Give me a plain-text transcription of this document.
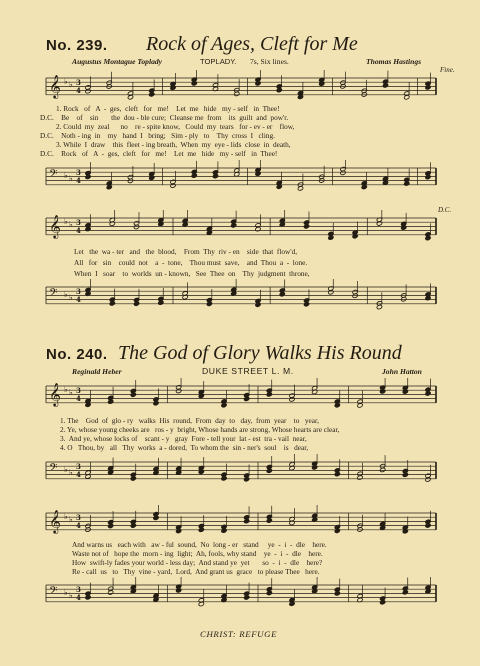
No. 239. Rock of Ages, Cleft for Me
Augustus Montague Toplady	TOPLADY. 7s, Six lines.	Thomas Hastings
Fine.
𝄞 ♭ ♭ 3
4
1. Rock   of   A  -  ges,  cleft   for   me!    Let  me   hide   my - self   in  Thee!
D.C.    Be    of    sin       the  dou - ble cure;  Cleanse me  from    its  guilt  and  pow'r.
2. Could  my  zeal      no    re - spite know,   Could  my  tears   for - ev - er    flow,
D.C.    Noth - ing  in    my   hand  I   bring;   Sim - ply   to    Thy  cross  I   cling.
3. While  I  draw    this  fleet - ing breath,  When  my  eye - lids  close  in  death,
D.C.    Rock   of   A  -  ges,  cleft   for   me!    Let  me   hide   my - self   in  Thee!
𝄢 ♭ ♭
3
4
D.C.
𝄞 ♭ ♭ 3
4
Let   the  wa - ter   and   the  blood,    From  Thy  riv - en    side  that  flow'd,
All   for   sin    could  not    a  -  tone,    Thou must  save,    and  Thou  a  -  lone.
When  I   soar    to  worlds  un - known,   See  Thee  on    Thy  judgment  throne,
𝄢 ♭ ♭
3
4
No. 240. The God of Glory Walks His Round
Reginald Heber	DUKE STREET L. M.	John Hatton
𝄞 ♭ ♭ 3
4
1. The    God  of  glo - ry   walks  His  round,  From  day  to   day,  from  year    to   year,
2. Ye, whose young cheeks are   ros - y  bright, Whose hands are strong, Whose hearts are clear,
3.  And ye, whose locks of    scant - y   gray  Fore - tell your  lat - est  tra - vail  near,
4. O   Thou, by   all   Thy  works  a - dored,  To whom the  sin - ner's  soul    is   dear,
𝄢 ♭ ♭
3
4
𝄞 ♭ ♭ 3
4
And warns us   each with   aw - ful  sound,  No  long - er   stand     ye  -  i  -  dle    here.
Waste not of   hope the  morn - ing  light;  Ah, fools, why stand    ye  -  i  -  dle    here.
How  swift-ly fades your world - less day;  And stand ye  yet       so  -  i  -  dle    here?
Re - call  us   to   Thy  vine - yard,  Lord,  And grant us  grace   to please Thee   here.
𝄢 ♭ ♭
3
4
CHRIST: REFUGE
